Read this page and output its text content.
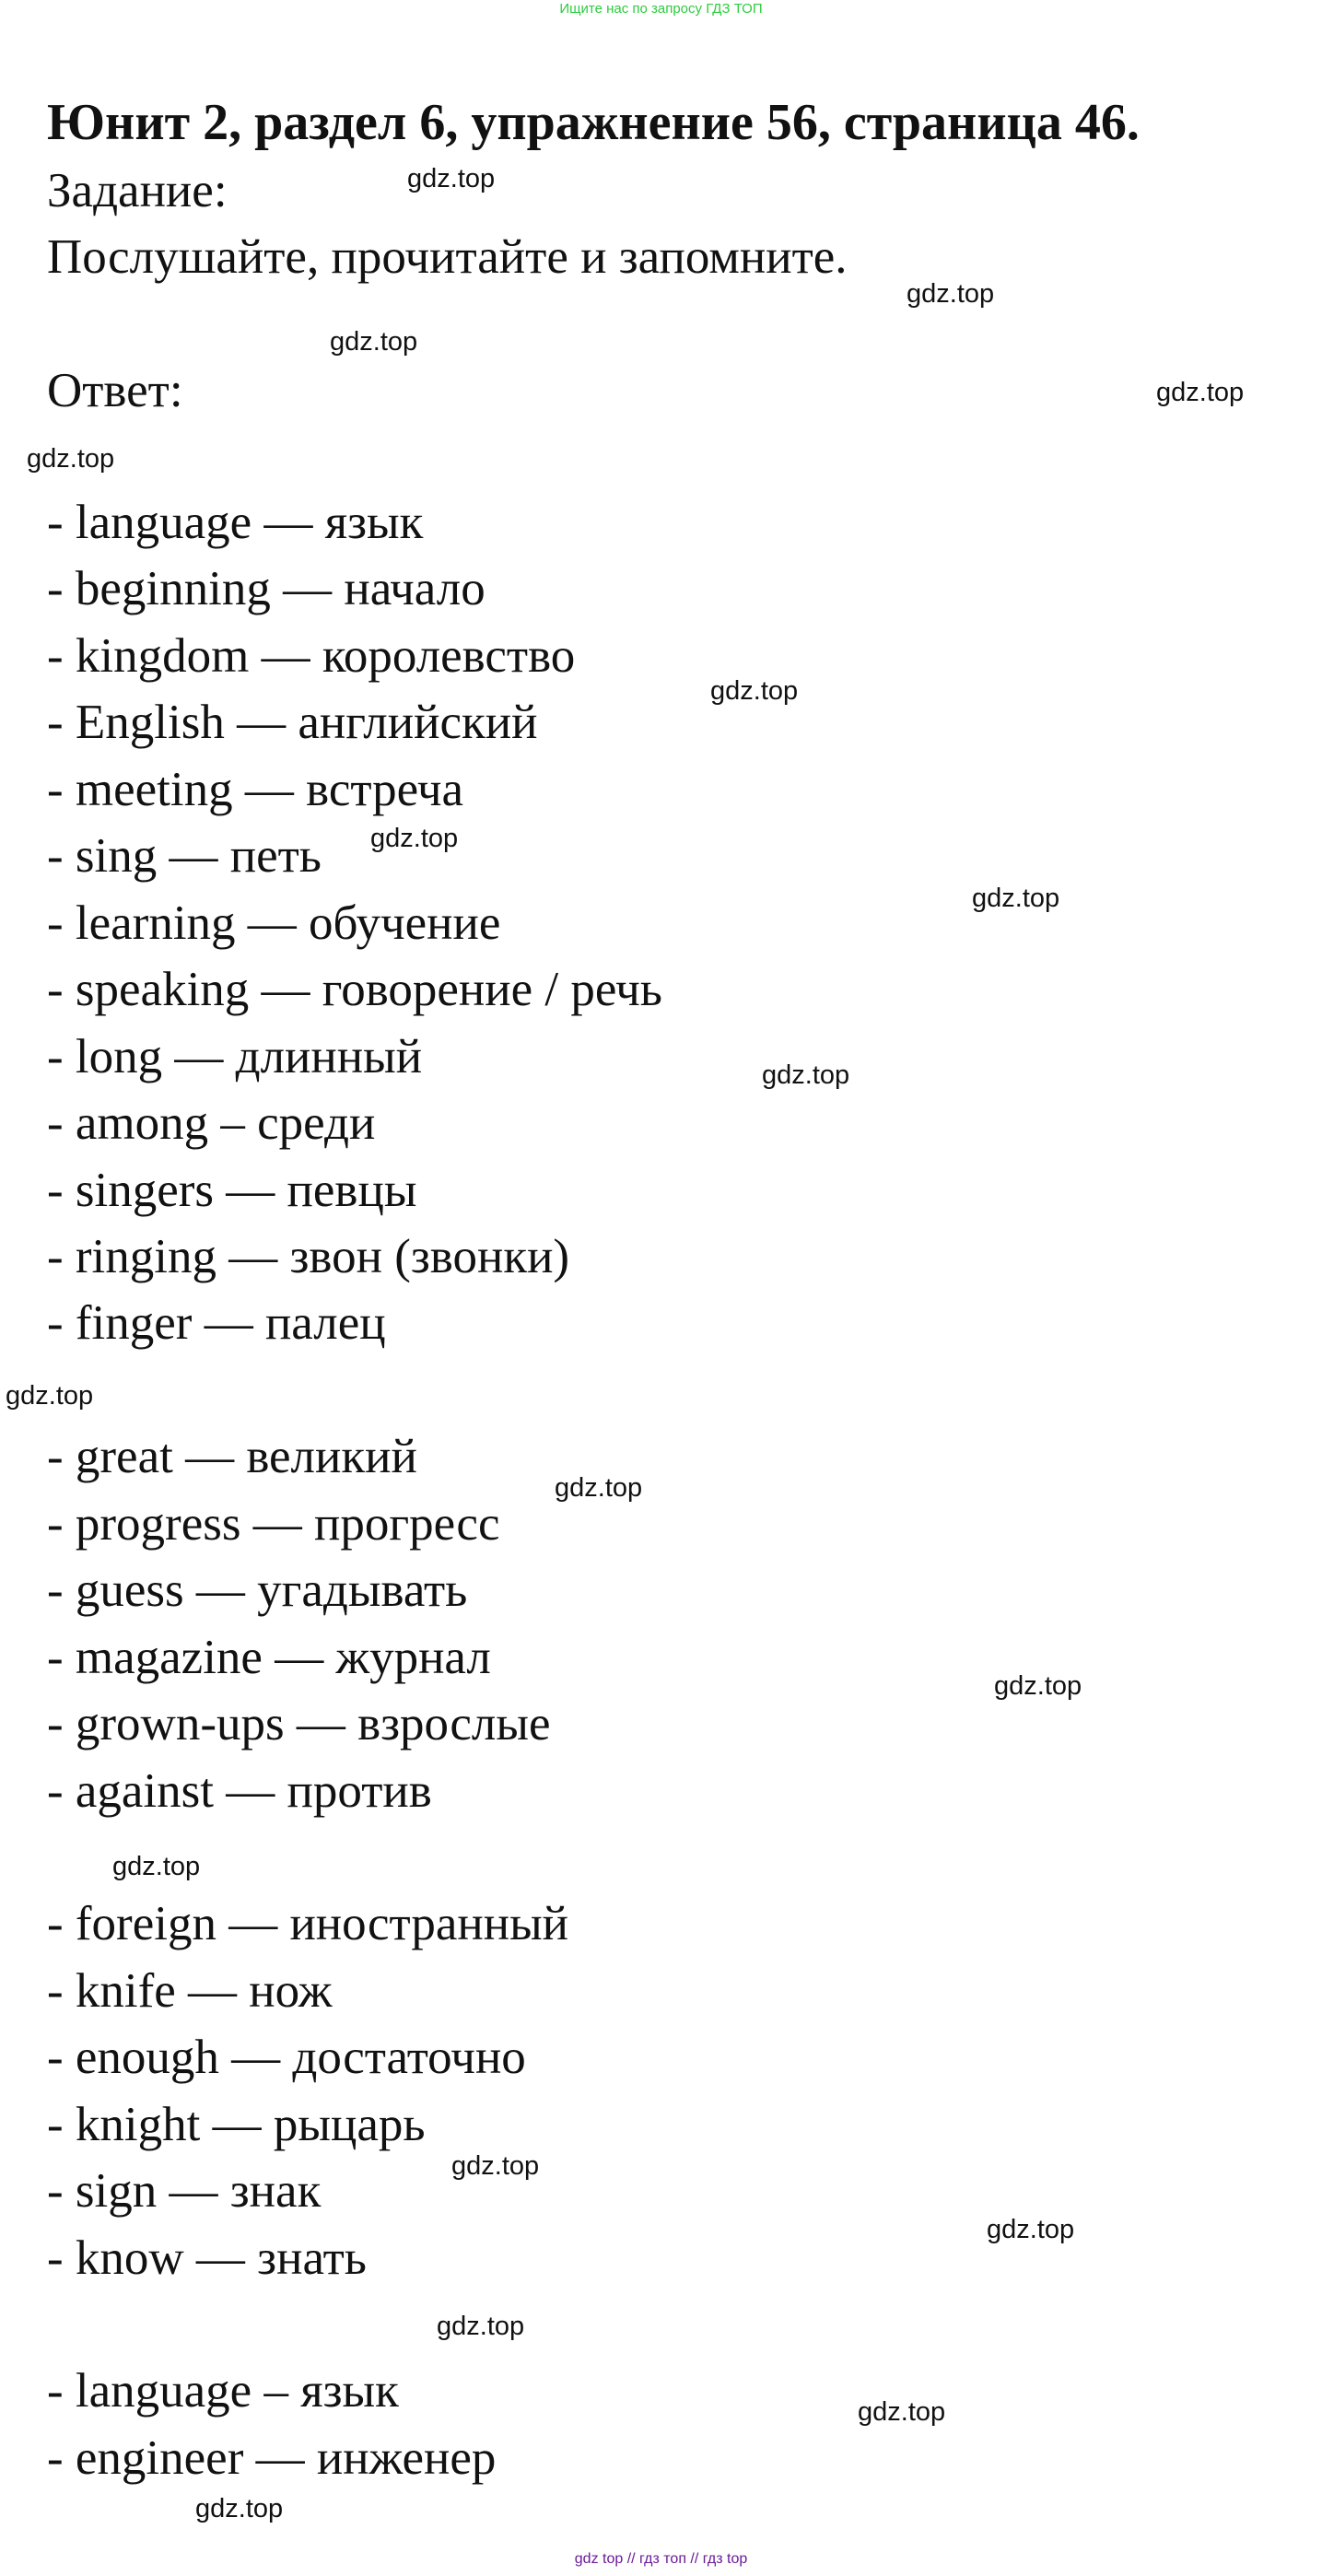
Ищите нас по запросу ГДЗ ТОП
Юнит 2, раздел 6, упражнение 56, страница 46.
Задание:
Послушайте, прочитайте и запомните.
Ответ:
- language — язык
- beginning — начало
- kingdom — королевство
- English — английский
- meeting — встреча
- sing — петь
- learning — обучение
- speaking — говорение / речь
- long — длинный
- among – среди
- singers — певцы
- ringing — звон (звонки)
- finger — палец
- great — великий
- progress — прогресс
- guess — угадывать
- magazine — журнал
- grown-ups — взрослые
- against — против
- foreign — иностранный
- knife — нож
- enough — достаточно
- knight — рыцарь
- sign — знак
- know — знать
- language – язык
- engineer — инженер
gdz.top
gdz.top
gdz.top
gdz.top
gdz.top
gdz.top
gdz.top
gdz.top
gdz.top
gdz.top
gdz.top
gdz.top
gdz.top
gdz.top
gdz.top
gdz.top
gdz.top
gdz.top
gdz top // гдз топ // гдз top
